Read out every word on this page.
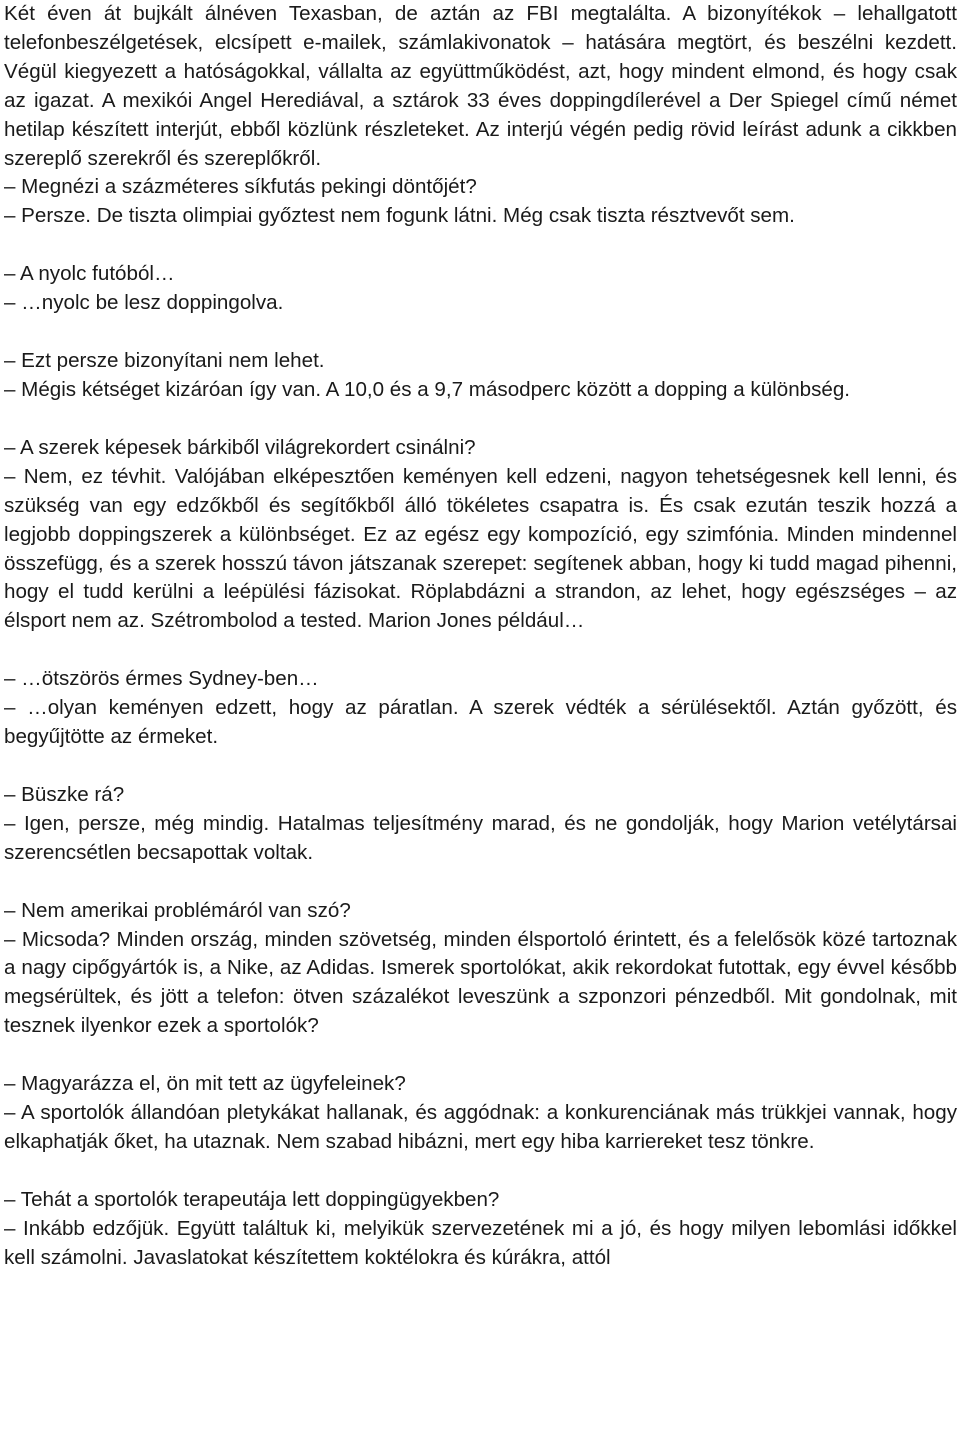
Két éven át bujkált álnéven Texasban, de aztán az FBI megtalálta. A bizonyítékok – lehallgatott telefonbeszélgetések, elcsípett e-mailek, számlakivonatok – hatására megtört, és beszélni kezdett. Végül kiegyezett a hatóságokkal, vállalta az együttműködést, azt, hogy mindent elmond, és hogy csak az igazat. A mexikói Angel Herediával, a sztárok 33 éves doppingdílerével a Der Spiegel című német hetilap készített interjút, ebből közlünk részleteket. Az interjú végén pedig rövid leírást adunk a cikkben szereplő szerekről és szereplőkről.

– Megnézi a százméteres síkfutás pekingi döntőjét?

– Persze. De tiszta olimpiai győztest nem fogunk látni. Még csak tiszta résztvevőt sem.

– A nyolc futóból…

– …nyolc be lesz doppingolva.

– Ezt persze bizonyítani nem lehet.

– Mégis kétséget kizáróan így van. A 10,0 és a 9,7 másodperc között a dopping a különbség.

– A szerek képesek bárkiből világrekordert csinálni?

– Nem, ez tévhit. Valójában elképesztően keményen kell edzeni, nagyon tehetségesnek kell lenni, és szükség van egy edzőkből és segítőkből álló tökéletes csapatra is. És csak ezután teszik hozzá a legjobb doppingszerek a különbséget. Ez az egész egy kompozíció, egy szimfónia. Minden mindennel összefügg, és a szerek hosszú távon játszanak szerepet: segítenek abban, hogy ki tudd magad pihenni, hogy el tudd kerülni a leépülési fázisokat. Röplabdázni a strandon, az lehet, hogy egészséges – az élsport nem az. Szétrombolod a tested. Marion Jones például…

– …ötszörös érmes Sydney-ben…

– …olyan keményen edzett, hogy az páratlan. A szerek védték a sérülésektől. Aztán győzött, és begyűjtötte az érmeket.

– Büszke rá?

– Igen, persze, még mindig. Hatalmas teljesítmény marad, és ne gondolják, hogy Marion vetélytársai szerencsétlen becsapottak voltak.

– Nem amerikai problémáról van szó?

– Micsoda? Minden ország, minden szövetség, minden élsportoló érintett, és a felelősök közé tartoznak a nagy cipőgyártók is, a Nike, az Adidas. Ismerek sportolókat, akik rekordokat futottak, egy évvel később megsérültek, és jött a telefon: ötven százalékot leveszünk a szponzori pénzedből. Mit gondolnak, mit tesznek ilyenkor ezek a sportolók?

– Magyarázza el, ön mit tett az ügyfeleinek?

– A sportolók állandóan pletykákat hallanak, és aggódnak: a konkurenciának más trükkjei vannak, hogy elkaphatják őket, ha utaznak. Nem szabad hibázni, mert egy hiba karriereket tesz tönkre.

– Tehát a sportolók terapeutája lett doppingügyekben?

– Inkább edzőjük. Együtt találtuk ki, melyikük szervezetének mi a jó, és hogy milyen lebomlási időkkel kell számolni. Javaslatokat készítettem koktélokra és kúrákra, attól
